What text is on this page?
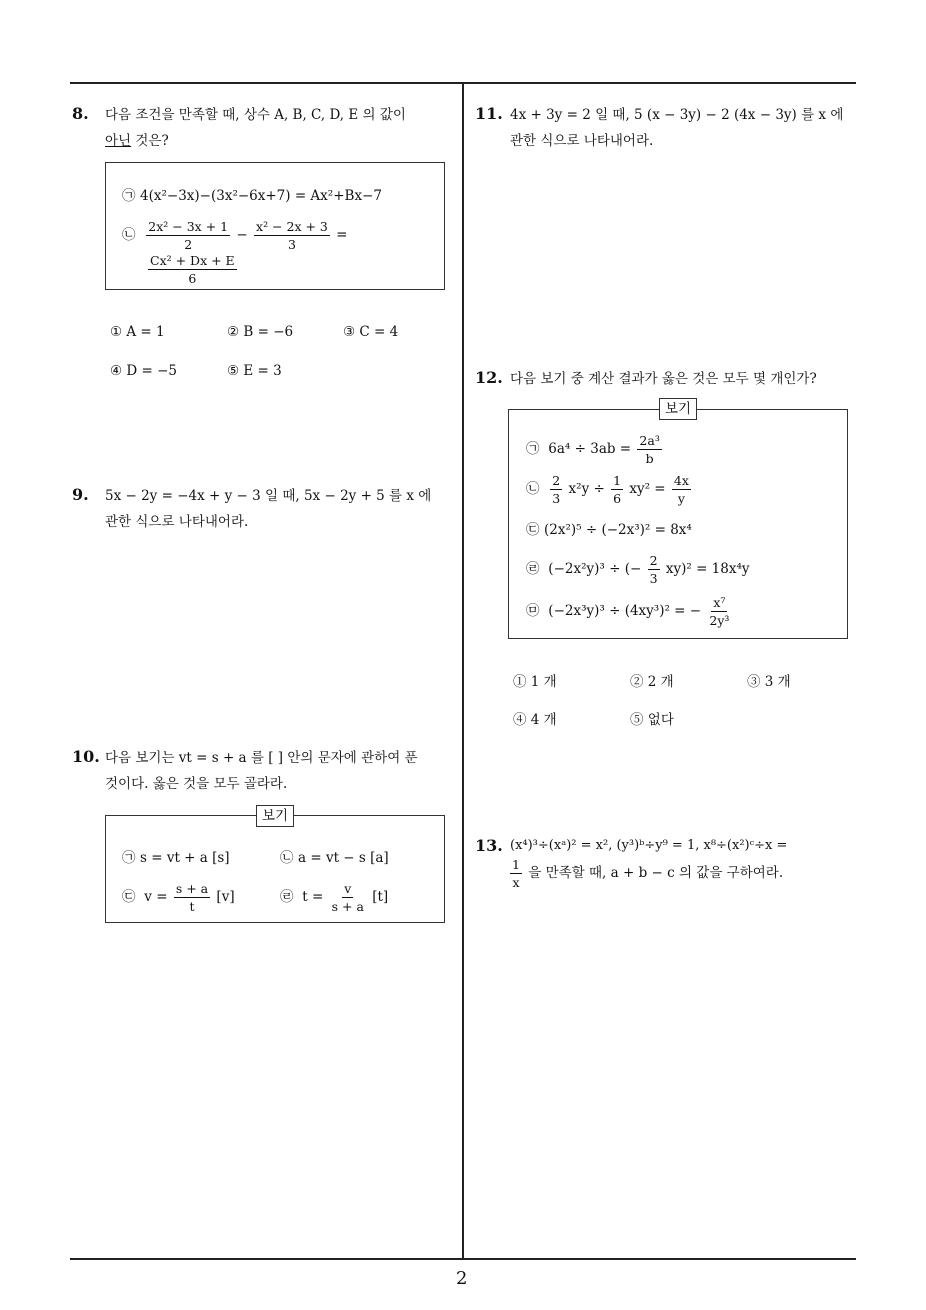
2
8. 다음 조건을 만족할 때, 상수 A, B, C, D, E 의 값이
아닌 것은?
㉠ 4(x²−3x)−(3x²−6x+7) = Ax²+Bx−7
㉡ $\frac{\text{2x² − 3x + 1}}{2} - \frac{\text{x² − 2x + 3}}{3}$ =
$\frac{\text{Cx² + Dx + E}}{6}$
① A = 1	② B = −6	③ C = 4
④ D = −5	⑤ E = 3
9. 5x − 2y = −4x + y − 3 일 때, 5x − 2y + 5 를 x 에
관한 식으로 나타내어라.
10. 다음 보기는 vt = s + a 를 [ ] 안의 문자에 관하여 푼
것이다. 옳은 것을 모두 골라라.
보기
㉠ s = vt + a [s]	㉡ a = vt − s [a]
㉢ $v = \frac{s + a}{t} [v]$	㉣ $t = \frac{v}{s + a} [t]$
11. 4x + 3y = 2 일 때, 5 (x − 3y) − 2 (4x − 3y) 를 x 에
관한 식으로 나타내어라.
12. 다음 보기 중 계산 결과가 옳은 것은 모두 몇 개인가?
보기
㉠ $6a^4 \div 3ab = \frac{\text{2a³}}{b}$
㉡ $\frac{2}{3} x^2y \div \frac{1}{6} xy^2 = \frac{4x}{y}$
㉢ (2x²)⁵ ÷ (−2x³)² = 8x⁴
㉣ (−2x²y)³ ÷ (− $\frac{2}{3} xy)^2 = 18x^4y$
㉤ (−2x³y)³ ÷ (4xy³)² = − $\frac{\text{x⁷}}{\text{2y³}}$
① 1 개	② 2 개	③ 3 개
④ 4 개	⑤ 없다
13. (x⁴)³÷(xᵃ)² = x², (y³)ᵇ÷y⁹ = 1, x⁸÷(x²)ᶜ÷x =
$\frac{1}{x}$ 을 만족할 때, a + b − c 의 값을 구하여라.
